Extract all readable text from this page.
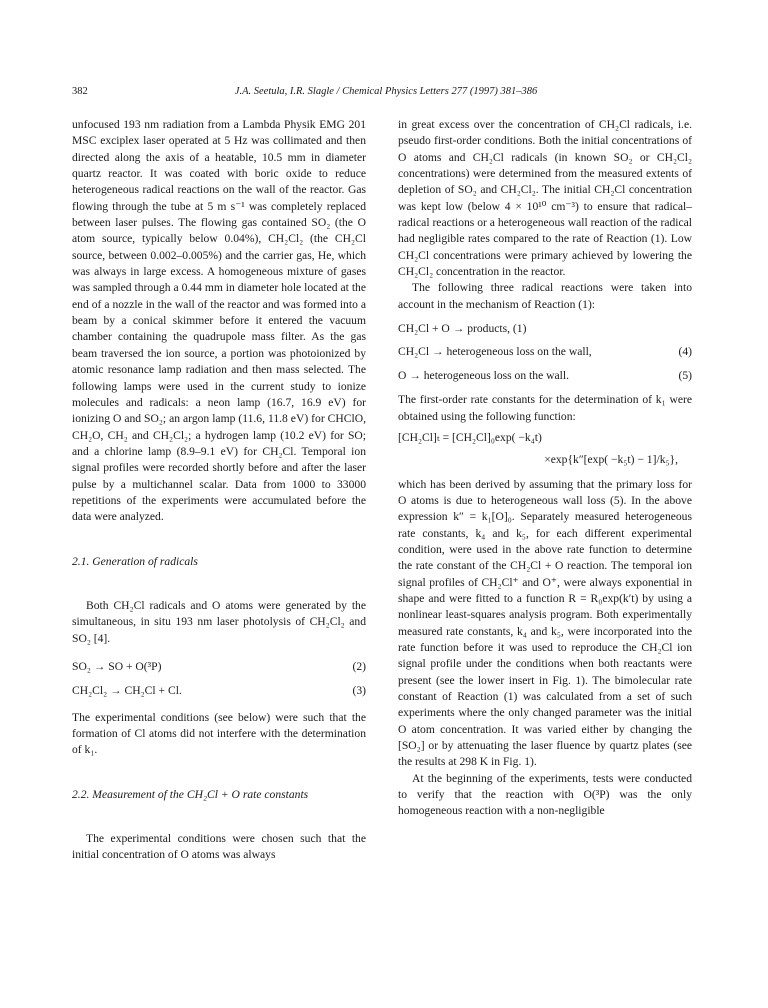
382	J.A. Seetula, I.R. Slagle / Chemical Physics Letters 277 (1997) 381–386

unfocused 193 nm radiation from a Lambda Physik EMG 201 MSC exciplex laser operated at 5 Hz was collimated and then directed along the axis of a heatable, 10.5 mm in diameter quartz reactor. It was coated with boric oxide to reduce heterogeneous radical reactions on the wall of the reactor. Gas flowing through the tube at 5 m s⁻¹ was completely replaced between laser pulses. The flowing gas contained SO₂ (the O atom source, typically below 0.04%), CH₂Cl₂ (the CH₂Cl source, between 0.002–0.005%) and the carrier gas, He, which was always in large excess. A homogeneous mixture of gases was sampled through a 0.44 mm in diameter hole located at the end of a nozzle in the wall of the reactor and was formed into a beam by a conical skimmer before it entered the vacuum chamber containing the quadrupole mass filter. As the gas beam traversed the ion source, a portion was photoionized by atomic resonance lamp radiation and then mass selected. The following lamps were used in the current study to ionize molecules and radicals: a neon lamp (16.7, 16.9 eV) for ionizing O and SO₂; an argon lamp (11.6, 11.8 eV) for CHClO, CH₂O, CH₂ and CH₂Cl₂; a hydrogen lamp (10.2 eV) for SO; and a chlorine lamp (8.9–9.1 eV) for CH₂Cl. Temporal ion signal profiles were recorded shortly before and after the laser pulse by a multichannel scalar. Data from 1000 to 33000 repetitions of the experiments were accumulated before the data were analyzed.

2.1. Generation of radicals

Both CH₂Cl radicals and O atoms were generated by the simultaneous, in situ 193 nm laser photolysis of CH₂Cl₂ and SO₂ [4].

SO₂ → SO + O(³P)	(2)
CH₂Cl₂ → CH₂Cl + Cl.	(3)

The experimental conditions (see below) were such that the formation of Cl atoms did not interfere with the determination of k₁.

2.2. Measurement of the CH₂Cl + O rate constants

The experimental conditions were chosen such that the initial concentration of O atoms was always

in great excess over the concentration of CH₂Cl radicals, i.e. pseudo first-order conditions. Both the initial concentrations of O atoms and CH₂Cl radicals (in known SO₂ or CH₂Cl₂ concentrations) were determined from the measured extents of depletion of SO₂ and CH₂Cl₂. The initial CH₂Cl concentration was kept low (below 4 × 10¹⁰ cm⁻³) to ensure that radical–radical reactions or a heterogeneous wall reaction of the radical had negligible rates compared to the rate of Reaction (1). Low CH₂Cl concentrations were primary achieved by lowering the CH₂Cl₂ concentration in the reactor.

The following three radical reactions were taken into account in the mechanism of Reaction (1):

CH₂Cl + O → products, (1)
CH₂Cl → heterogeneous loss on the wall,	(4)
O → heterogeneous loss on the wall.	(5)

The first-order rate constants for the determination of k₁ were obtained using the following function:

[CH₂Cl]ₜ = [CH₂Cl]₀exp( −k₄t)
×exp{k″[exp( −k₅t) − 1]/k₅},

which has been derived by assuming that the primary loss for O atoms is due to heterogeneous wall loss (5). In the above expression k″ = k₁[O]₀. Separately measured heterogeneous rate constants, k₄ and k₅, for each different experimental condition, were used in the above rate function to determine the rate constant of the CH₂Cl + O reaction. The temporal ion signal profiles of CH₂Cl⁺ and O⁺, were always exponential in shape and were fitted to a function R = R₀exp(k′t) by using a nonlinear least-squares analysis program. Both experimentally measured rate constants, k₄ and k₅, were incorporated into the rate function before it was used to reproduce the CH₂Cl ion signal profile under the conditions when both reactants were present (see the lower insert in Fig. 1). The bimolecular rate constant of Reaction (1) was calculated from a set of such experiments where the only changed parameter was the initial O atom concentration. It was varied either by changing the [SO₂] or by attenuating the laser fluence by quartz plates (see the results at 298 K in Fig. 1).

At the beginning of the experiments, tests were conducted to verify that the reaction with O(³P) was the only homogeneous reaction with a non-negligible
